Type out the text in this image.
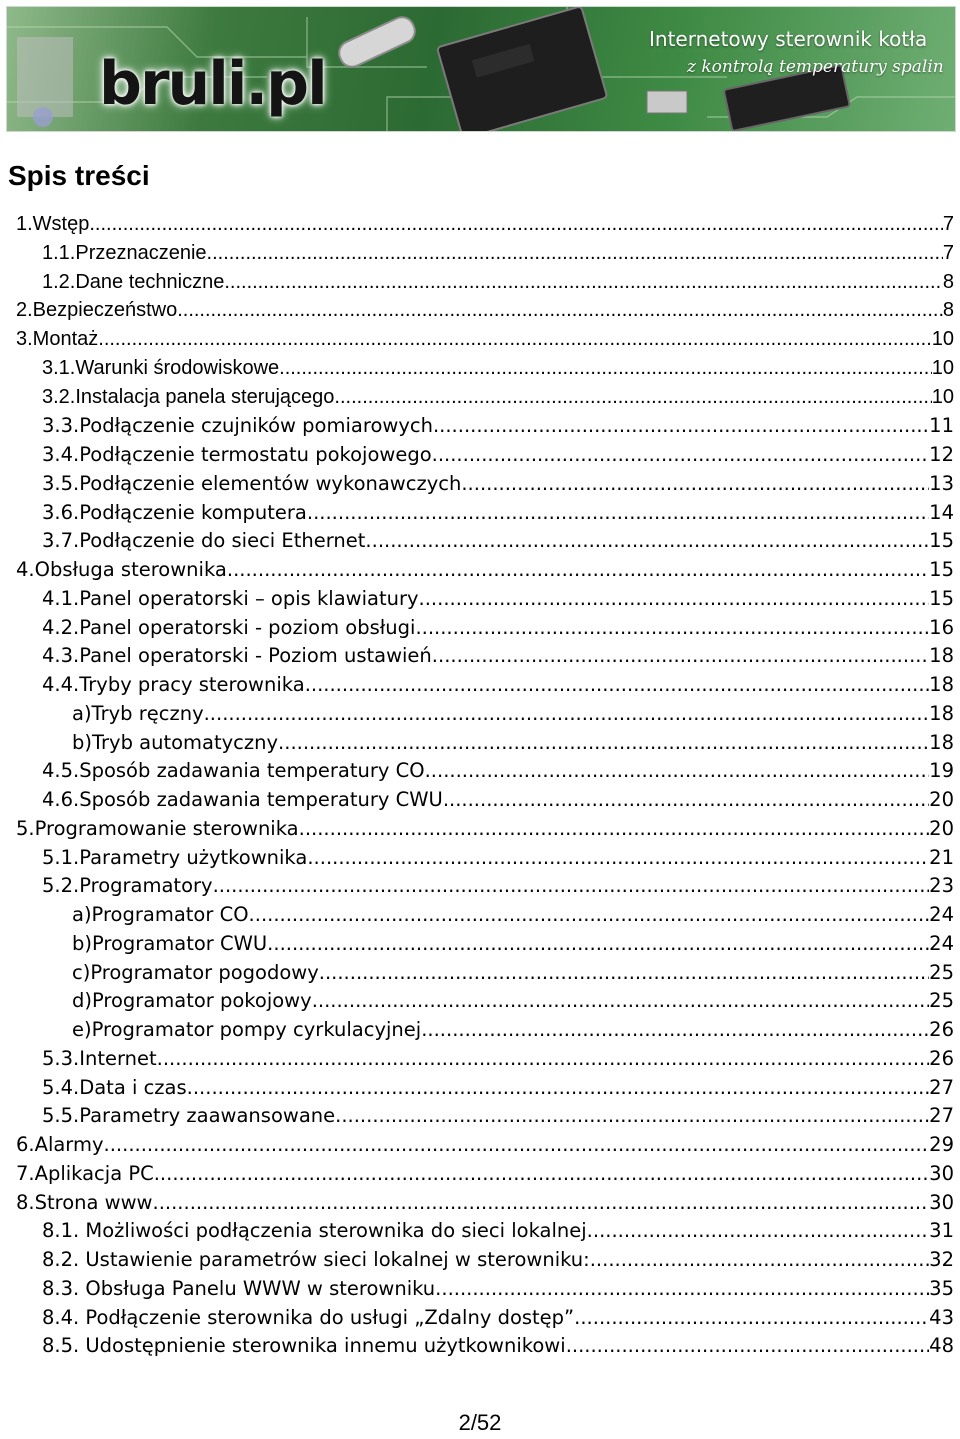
bruli.pl
Internetowy sterownik kotła
z kontrolą temperatury spalin
Spis treści
1.Wstęp .....	7
1.1.Przeznaczenie .....	7
1.2.Dane techniczne .....	8
2.Bezpieczeństwo .....	8
3.Montaż .....	10
3.1.Warunki środowiskowe .....	10
3.2.Instalacja panela sterującego .....	10
3.3.Podłączenie czujników pomiarowych .....	11
3.4.Podłączenie termostatu pokojowego .....	12
3.5.Podłączenie elementów wykonawczych .....	13
3.6.Podłączenie komputera .....	14
3.7.Podłączenie do sieci Ethernet .....	15
4.Obsługa sterownika .....	15
4.1.Panel operatorski – opis klawiatury .....	15
4.2.Panel operatorski - poziom obsługi .....	16
4.3.Panel operatorski - Poziom ustawień .....	18
4.4.Tryby pracy sterownika .....	18
a)Tryb ręczny .....	18
b)Tryb automatyczny .....	18
4.5.Sposób zadawania temperatury CO .....	19
4.6.Sposób zadawania temperatury CWU .....	20
5.Programowanie sterownika .....	20
5.1.Parametry użytkownika .....	21
5.2.Programatory .....	23
a)Programator CO .....	24
b)Programator CWU .....	24
c)Programator pogodowy .....	25
d)Programator pokojowy .....	25
e)Programator pompy cyrkulacyjnej .....	26
5.3.Internet .....	26
5.4.Data i czas .....	27
5.5.Parametry zaawansowane .....	27
6.Alarmy .....	29
7.Aplikacja PC .....	30
8.Strona www .....	30
8.1. Możliwości podłączenia sterownika do sieci lokalnej .....	31
8.2. Ustawienie parametrów sieci lokalnej w sterowniku: .....	32
8.3. Obsługa Panelu WWW w sterowniku .....	35
8.4. Podłączenie sterownika do usługi „Zdalny dostęp” .....	43
8.5. Udostępnienie sterownika innemu użytkownikowi .....	48
2/52
